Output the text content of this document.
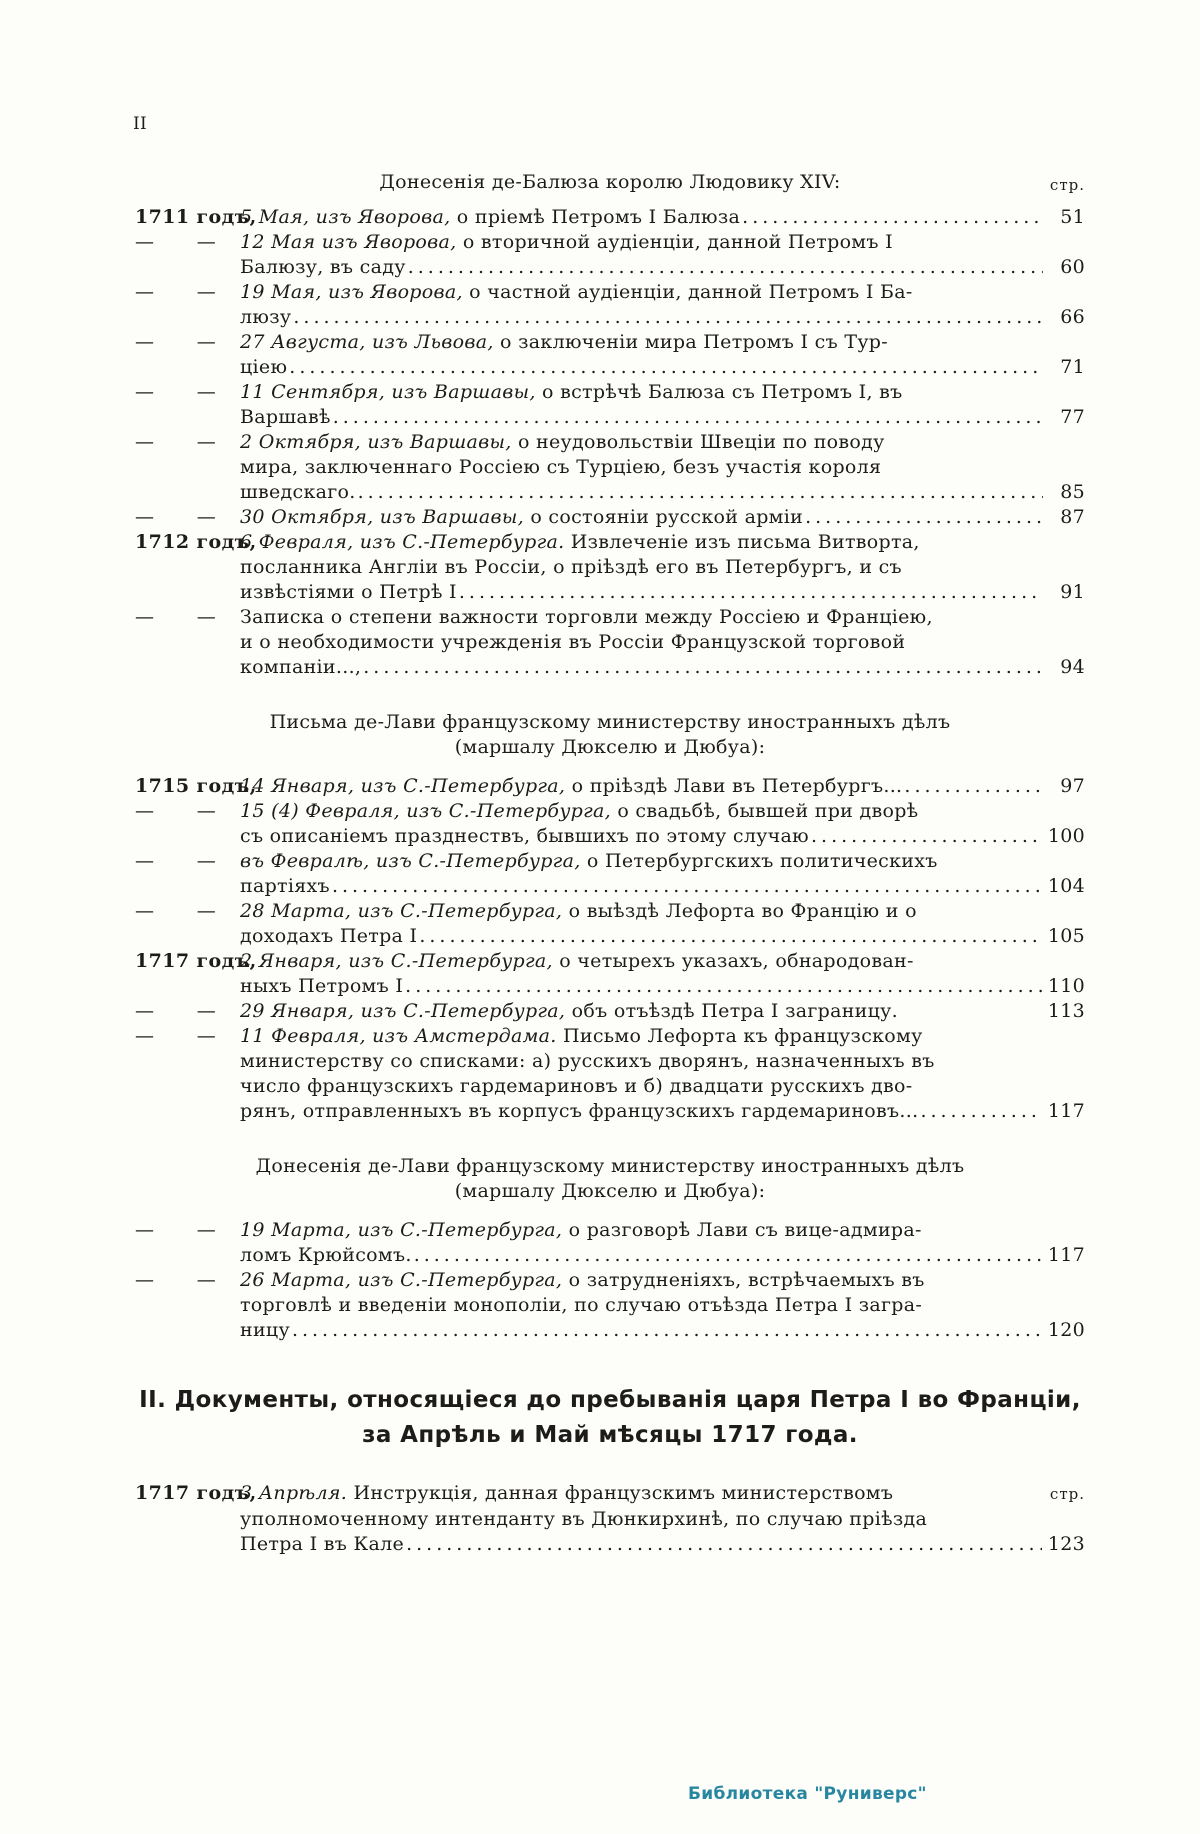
II
Донесенія де-Балюза королю Людовику XIV:	стр.
1711 годъ,
5 Мая, изъ Яворова, о пріемѣ Петромъ I Балюза .....	51
— — 12 Мая изъ Яворова, о вторичной аудіенціи, данной Петромъ I
Балюзу, въ саду .....	60
— — 19 Мая, изъ Яворова, о частной аудіенціи, данной Петромъ I Ба-
люзу .....	66
— — 27 Августа, изъ Львова, о заключеніи мира Петромъ I съ Тур-
ціею .....	71
— — 11 Сентября, изъ Варшавы, о встрѣчѣ Балюза съ Петромъ I, въ
Варшавѣ .....	77
— — 2 Октября, изъ Варшавы, о неудовольствіи Швеціи по поводу
мира, заключеннаго Россіею съ Турціею, безъ участія короля
шведскаго. .....	85
— — 30 Октября, изъ Варшавы, о состояніи русской арміи .....	87
1712 годъ,
6 Февраля, изъ С.-Петербурга. Извлеченіе изъ письма Витворта,
посланника Англіи въ Россіи, о пріѣздѣ его въ Петербургъ, и съ
извѣстіями о Петрѣ I .....	91
— — Записка о степени важности торговли между Россіею и Франціею,
и о необходимости учрежденія въ Россіи Французской торговой
компаніи..., .....	94
Письма де-Лави французскому министерству иностранныхъ дѣлъ
(маршалу Дюкселю и Дюбуа):
1715 годъ,
14 Января, изъ С.-Петербурга, о пріѣздѣ Лави въ Петербургъ... .....	97
— — 15 (4) Февраля, изъ С.-Петербурга, о свадьбѣ, бывшей при дворѣ
съ описаніемъ празднествъ, бывшихъ по этому случаю .....	100
— — въ Февралѣ, изъ С.-Петербурга, о Петербургскихъ политическихъ
партіяхъ .....	104
— — 28 Марта, изъ С.-Петербурга, о выѣздѣ Лефорта во Францію и о
доходахъ Петра I .....	105
1717 годъ,
2 Января, изъ С.-Петербурга, о четырехъ указахъ, обнародован-
ныхъ Петромъ I .....	110
— — 29 Января, изъ С.-Петербурга, объ отъѣздѣ Петра I заграницу.	113
— — 11 Февраля, изъ Амстердама. Письмо Лефорта къ французскому
министерству со списками: а) русскихъ дворянъ, назначенныхъ въ
число французскихъ гардемариновъ и б) двадцати русскихъ дво-
рянъ, отправленныхъ въ корпусъ французскихъ гардемариновъ... .....	117
Донесенія де-Лави французскому министерству иностранныхъ дѣлъ
(маршалу Дюкселю и Дюбуа):
— — 19 Марта, изъ С.-Петербурга, о разговорѣ Лави съ вице-адмира-
ломъ Крюйсомъ. .....	117
— — 26 Марта, изъ С.-Петербурга, о затрудненіяхъ, встрѣчаемыхъ въ
торговлѣ и введеніи монополіи, по случаю отъѣзда Петра I загра-
ницу .....	120
II. Документы, относящіеся до пребыванія царя Петра I во Франціи,
за Апрѣль и Май мѣсяцы 1717 года.
1717 годъ,
3 Апрѣля. Инструкція, данная французскимъ министерствомъ	стр.
уполномоченному интенданту въ Дюнкирхинѣ, по случаю пріѣзда
Петра I въ Кале .....	123
Библиотека "Руниверс"
